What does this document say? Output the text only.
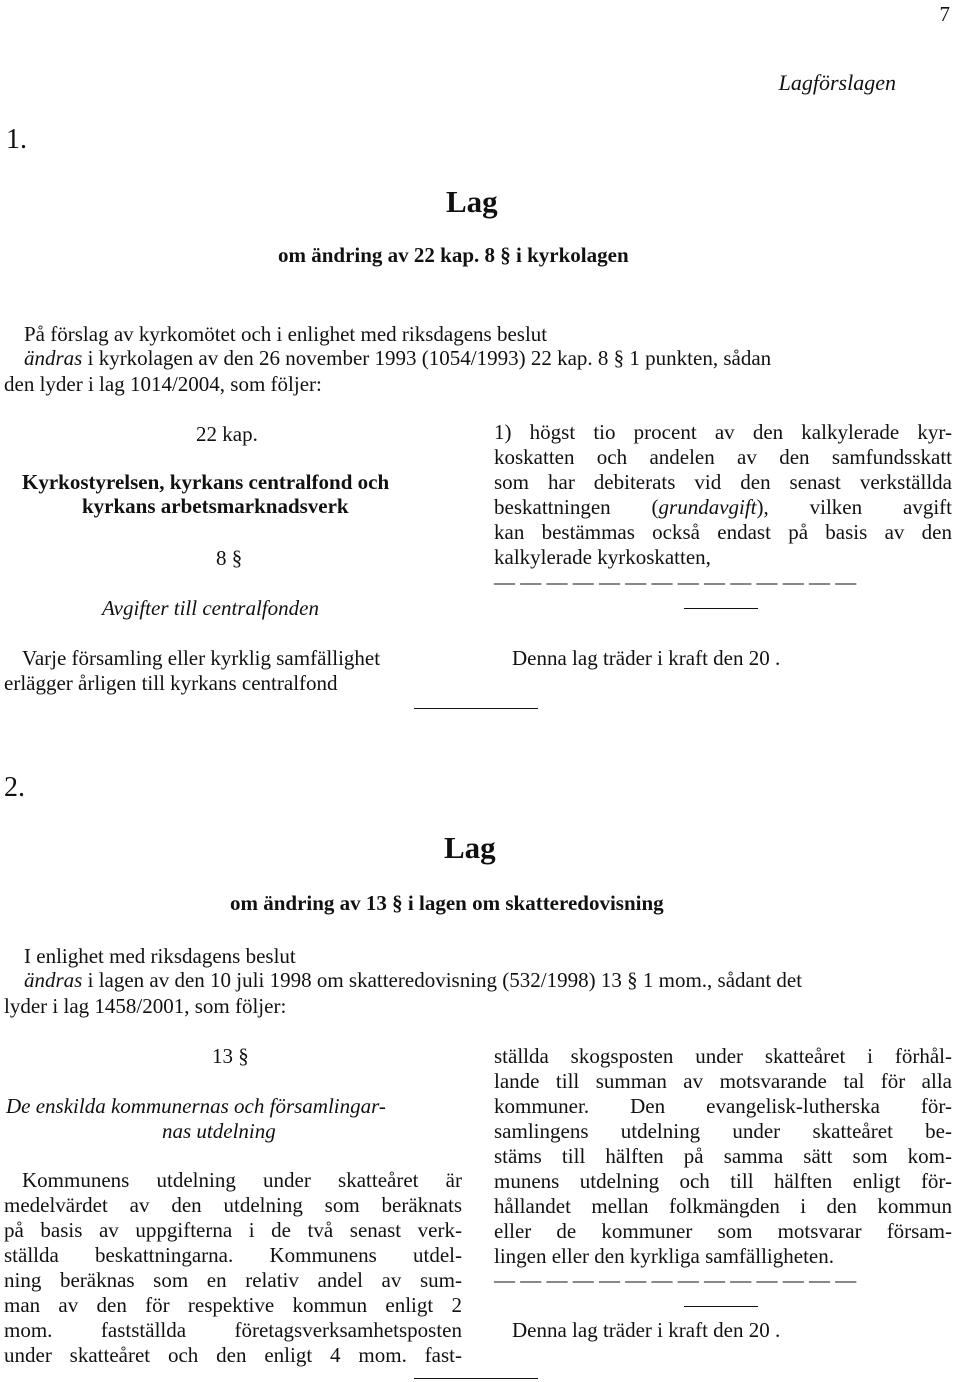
7
Lagförslagen
1.
Lag
om ändring av 22 kap. 8 § i kyrkolagen
På förslag av kyrkomötet och i enlighet med riksdagens beslut
ändras i kyrkolagen av den 26 november 1993 (1054/1993) 22 kap. 8 § 1 punkten, sådan
den lyder i lag 1014/2004, som följer:
22 kap.
Kyrkostyrelsen, kyrkans centralfond och
kyrkans arbetsmarknadsverk
8 §
Avgifter till centralfonden
Varje församling eller kyrklig samfällighet
erlägger årligen till kyrkans centralfond
1) högst tio procent av den kalkylerade kyr-
koskatten och andelen av den samfundsskatt
som har debiterats vid den senast verkställda
beskattningen (grundavgift), vilken avgift
kan bestämmas också endast på basis av den
kalkylerade kyrkoskatten,
— — — — — — — — — — — — — —
Denna lag träder i kraft den 20 .
2.
Lag
om ändring av 13 § i lagen om skatteredovisning
I enlighet med riksdagens beslut
ändras i lagen av den 10 juli 1998 om skatteredovisning (532/1998) 13 § 1 mom., sådant det
lyder i lag 1458/2001, som följer:
13 §
De enskilda kommunernas och församlingar-
nas utdelning
Kommunens utdelning under skatteåret är
medelvärdet av den utdelning som beräknats
på basis av uppgifterna i de två senast verk-
ställda beskattningarna. Kommunens utdel-
ning beräknas som en relativ andel av sum-
man av den för respektive kommun enligt 2
mom. fastställda företagsverksamhetsposten
under skatteåret och den enligt 4 mom. fast-
ställda skogsposten under skatteåret i förhål-
lande till summan av motsvarande tal för alla
kommuner. Den evangelisk-lutherska för-
samlingens utdelning under skatteåret be-
stäms till hälften på samma sätt som kom-
munens utdelning och till hälften enligt för-
hållandet mellan folkmängden i den kommun
eller de kommuner som motsvarar försam-
lingen eller den kyrkliga samfälligheten.
— — — — — — — — — — — — — —
Denna lag träder i kraft den 20 .
